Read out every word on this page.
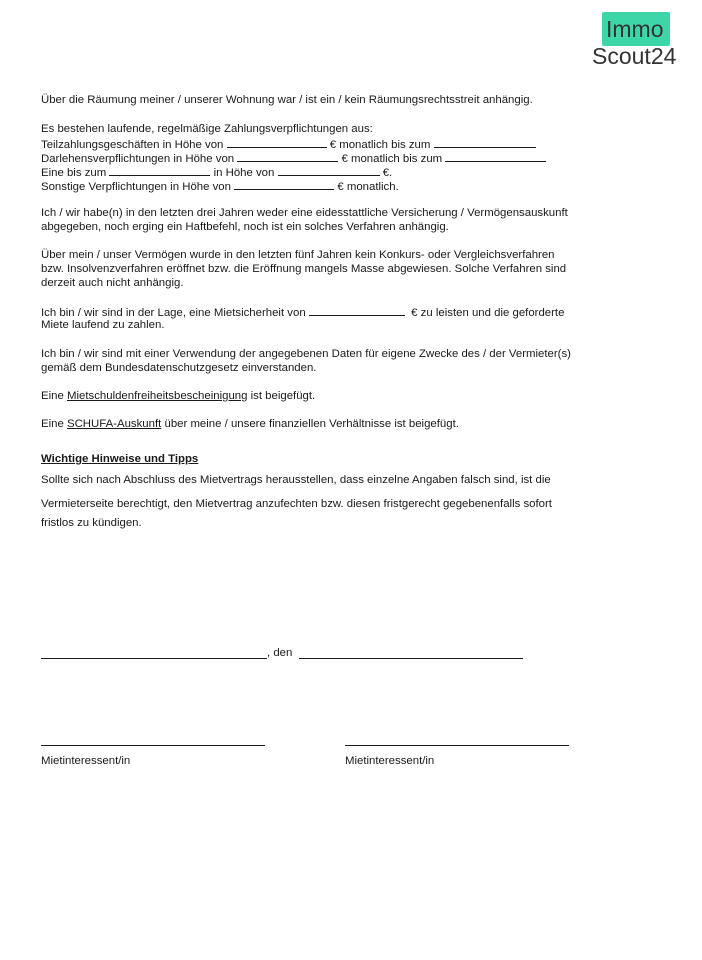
Immo
Scout24
Über die Räumung meiner / unserer Wohnung war / ist ein / kein Räumungsrechtsstreit anhängig.
Es bestehen laufende, regelmäßige Zahlungsverpflichtungen aus:
Teilzahlungsgeschäften in Höhe von	€ monatlich bis zum
Darlehensverpflichtungen in Höhe von	€ monatlich bis zum
Eine bis zum	in Höhe von	€.
Sonstige Verpflichtungen in Höhe von	€ monatlich.
Ich / wir habe(n) in den letzten drei Jahren weder eine eidesstattliche Versicherung / Vermögensauskunft
abgegeben, noch erging ein Haftbefehl, noch ist ein solches Verfahren anhängig.
Über mein / unser Vermögen wurde in den letzten fünf Jahren kein Konkurs- oder Vergleichsverfahren
bzw. Insolvenzverfahren eröffnet bzw. die Eröffnung mangels Masse abgewiesen. Solche Verfahren sind
derzeit auch nicht anhängig.
Ich bin / wir sind in der Lage, eine Mietsicherheit von	€ zu leisten und die geforderte
Miete laufend zu zahlen.
Ich bin / wir sind mit einer Verwendung der angegebenen Daten für eigene Zwecke des / der Vermieter(s)
gemäß dem Bundesdatenschutzgesetz einverstanden.
Eine Mietschuldenfreiheitsbescheinigung ist beigefügt.
Eine SCHUFA-Auskunft über meine / unsere finanziellen Verhältnisse ist beigefügt.
Wichtige Hinweise und Tipps
Sollte sich nach Abschluss des Mietvertrags herausstellen, dass einzelne Angaben falsch sind, ist die
Vermieterseite berechtigt, den Mietvertrag anzufechten bzw. diesen fristgerecht gegebenenfalls sofort
fristlos zu kündigen.
, den
Mietinteressent/in	Mietinteressent/in
